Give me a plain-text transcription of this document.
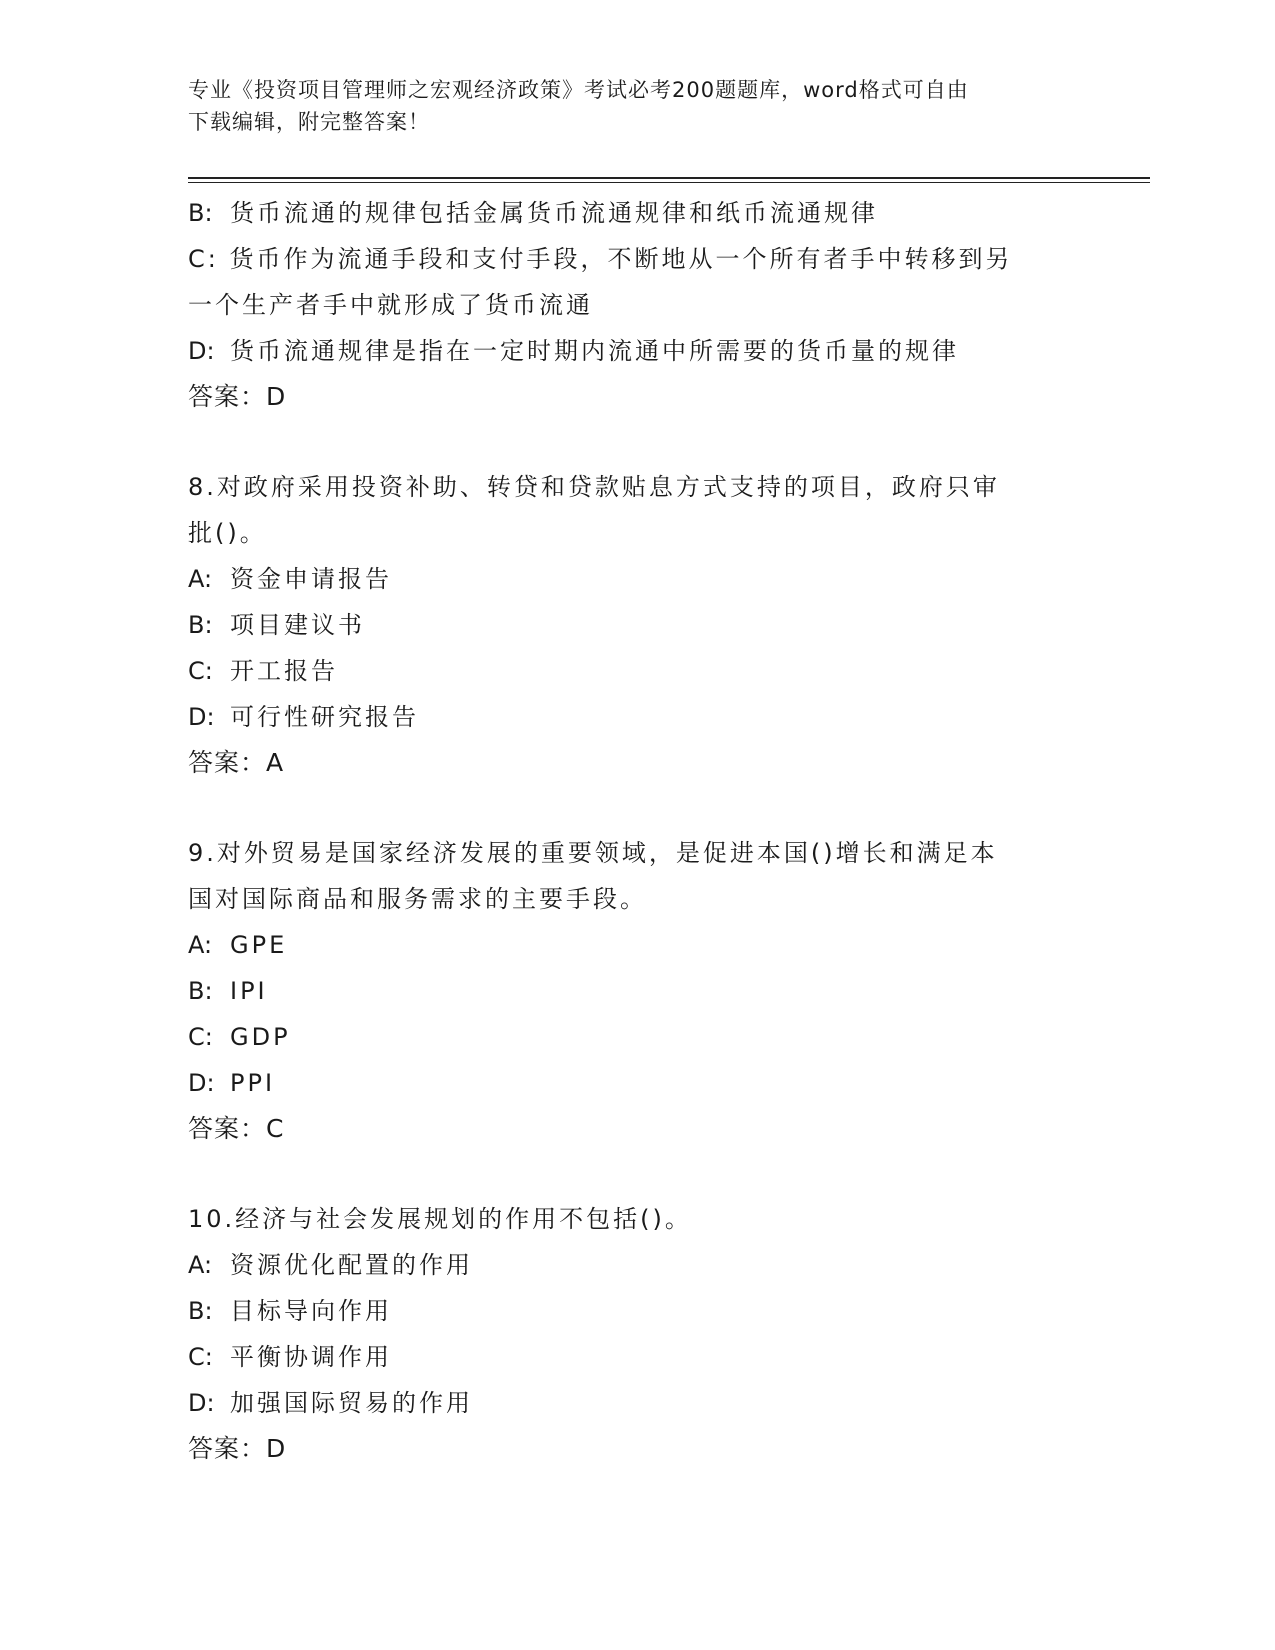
专业《投资项目管理师之宏观经济政策》考试必考200题题库，word格式可自由
下载编辑，附完整答案！
B: 货币流通的规律包括金属货币流通规律和纸币流通规律
C: 货币作为流通手段和支付手段，不断地从一个所有者手中转移到另
一个生产者手中就形成了货币流通
D: 货币流通规律是指在一定时期内流通中所需要的货币量的规律
答案：D
8.对政府采用投资补助、转贷和贷款贴息方式支持的项目，政府只审
批()。
A: 资金申请报告
B: 项目建议书
C: 开工报告
D: 可行性研究报告
答案：A
9.对外贸易是国家经济发展的重要领域，是促进本国()增长和满足本
国对国际商品和服务需求的主要手段。
A: GPE
B: IPI
C: GDP
D: PPI
答案：C
10.经济与社会发展规划的作用不包括()。
A: 资源优化配置的作用
B: 目标导向作用
C: 平衡协调作用
D: 加强国际贸易的作用
答案：D
